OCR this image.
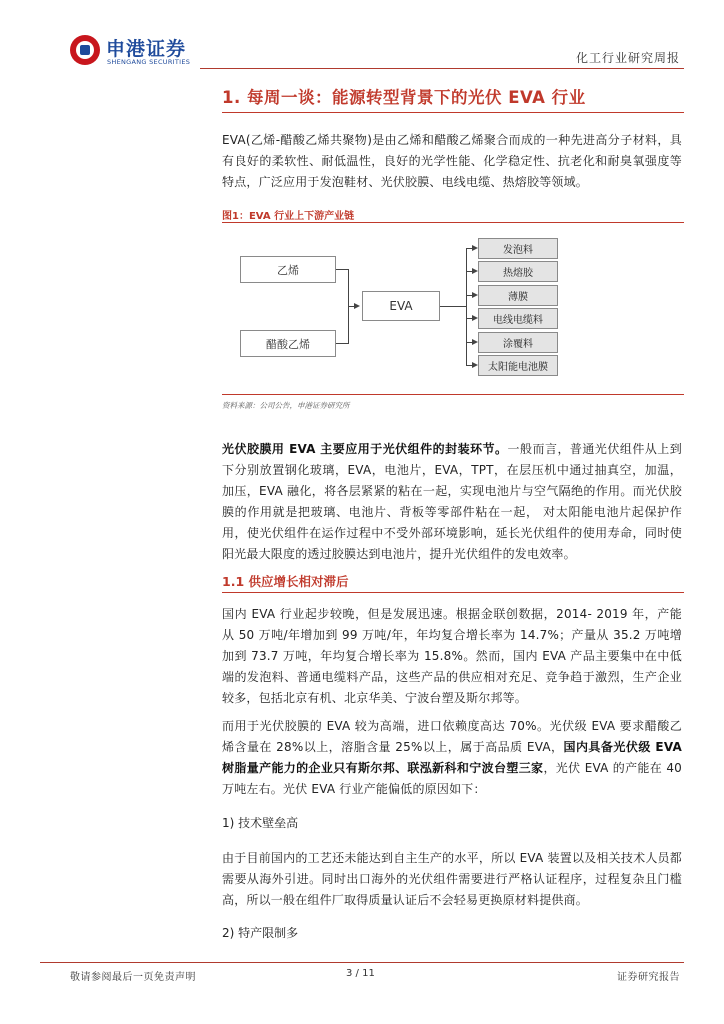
申港证券
SHENGANG SECURITIES	化工行业研究周报
1. 每周一谈：能源转型背景下的光伏 EVA 行业
EVA(乙烯-醋酸乙烯共聚物)是由乙烯和醋酸乙烯聚合而成的一种先进高分子材料，具有良好的柔软性、耐低温性，良好的光学性能、化学稳定性、抗老化和耐臭氧强度等特点，广泛应用于发泡鞋材、光伏胶膜、电线电缆、热熔胶等领域。
图1：EVA 行业上下游产业链
乙烯
醋酸乙烯
EVA
发泡料
热熔胶
薄膜
电线电缆料
涂覆料
太阳能电池膜
资料来源：公司公告，申港证券研究所
光伏胶膜用 EVA 主要应用于光伏组件的封装环节。一般而言，普通光伏组件从上到下分别放置钢化玻璃，EVA，电池片，EVA，TPT，在层压机中通过抽真空，加温，加压，EVA 融化，将各层紧紧的粘在一起，实现电池片与空气隔绝的作用。而光伏胶膜的作用就是把玻璃、电池片、背板等零部件粘在一起， 对太阳能电池片起保护作用，使光伏组件在运作过程中不受外部环境影响，延长光伏组件的使用寿命，同时使阳光最大限度的透过胶膜达到电池片，提升光伏组件的发电效率。
1.1 供应增长相对滞后
国内 EVA 行业起步较晚，但是发展迅速。根据金联创数据，2014- 2019 年，产能从 50 万吨/年增加到 99 万吨/年，年均复合增长率为 14.7%；产量从 35.2 万吨增加到 73.7 万吨，年均复合增长率为 15.8%。然而，国内 EVA 产品主要集中在中低端的发泡料、普通电缆料产品，这些产品的供应相对充足、竞争趋于激烈，生产企业较多，包括北京有机、北京华美、宁波台塑及斯尔邦等。
而用于光伏胶膜的 EVA 较为高端，进口依赖度高达 70%。光伏级 EVA 要求醋酸乙烯含量在 28%以上，溶脂含量 25%以上，属于高品质 EVA，国内具备光伏级 EVA 树脂量产能力的企业只有斯尔邦、联泓新科和宁波台塑三家，光伏 EVA 的产能在 40 万吨左右。光伏 EVA 行业产能偏低的原因如下：
1) 技术壁垒高
由于目前国内的工艺还未能达到自主生产的水平，所以 EVA 装置以及相关技术人员都需要从海外引进。同时出口海外的光伏组件需要进行严格认证程序，过程复杂且门槛高，所以一般在组件厂取得质量认证后不会轻易更换原材料提供商。
2) 特产限制多
敬请参阅最后一页免责声明	3 / 11	证券研究报告
